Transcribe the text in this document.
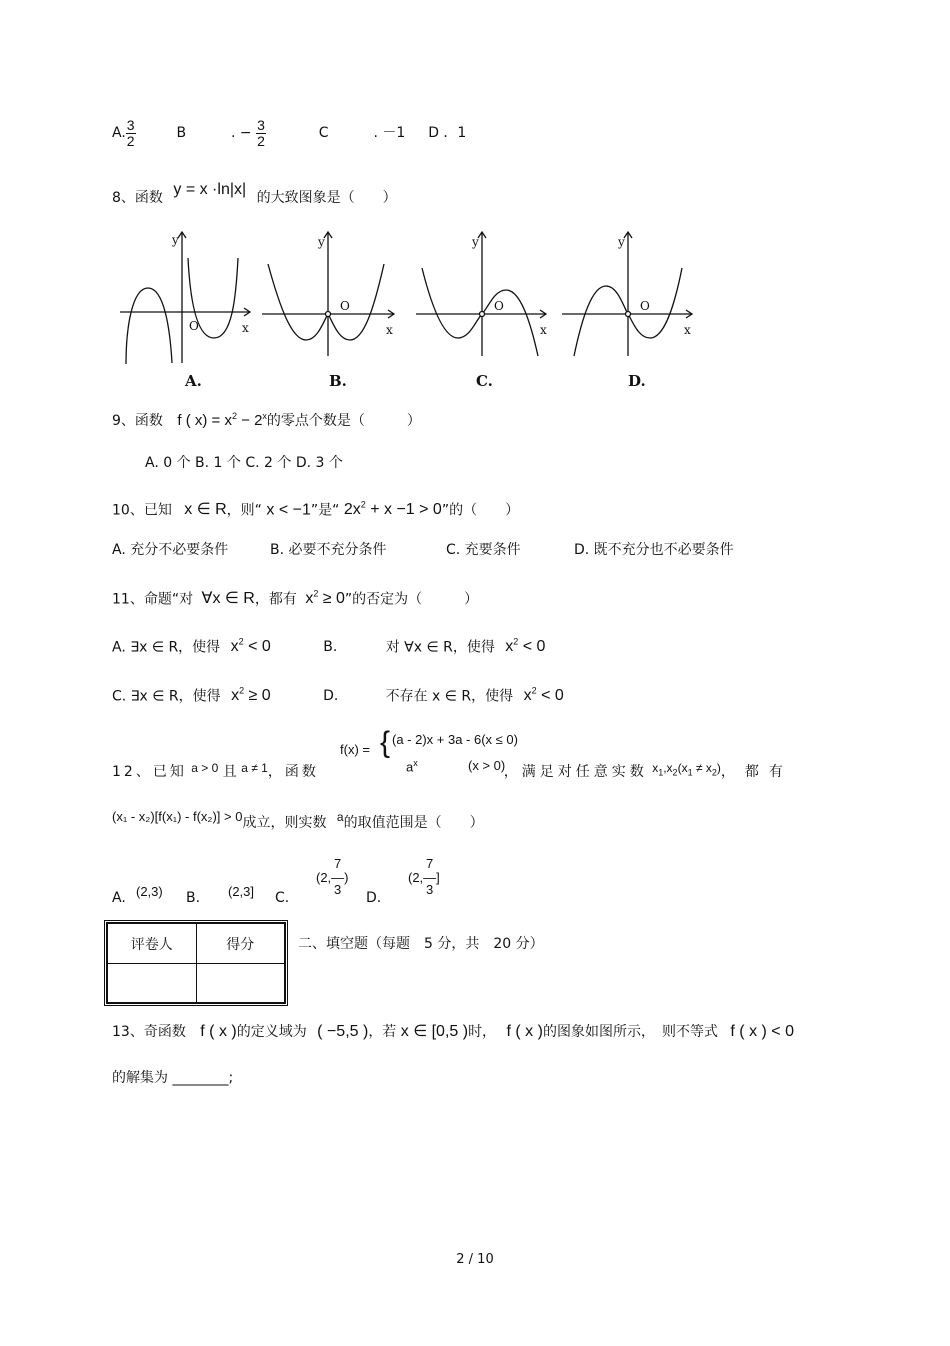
A. $\frac{3}{2}$	B	. − $\frac{3}{2}$	C	. －1 D ．1
8、函数 y = x ·ln|x| 的大致图象是（　　）
y
x
O
y
x
O
y
x
O
y
x
O
A.	B.	C.	D.
9、函数 f ( $x) = x^2 - 2^x$的零点个数是（　　　）
A. 0 个 B. 1 个 C. 2 个 D. 3 个
10、已知 x ∈ R，则“ x < −1”是“ $2x^2 + x -1 > 0$”的（　　）
A. 充分不必要条件	B. 必要不充分条件	C. 充要条件	D. 既不充分也不必要条件
11、命题“对 ∀x ∈ R，都有 $x^2 \ge 0$”的否定为（　　　）
A. ∃x ∈ R，使得 $x^2 < 0$	B.	对 ∀x ∈ R，使得 $x^2 < 0$
C. ∃x ∈ R，使得 $x^2 \ge 0$	D.	不存在 x ∈ R，使得 $x^2 < 0$
f(x) = { (a - 2)x + 3a - 6(x ≤ 0)
$a^x$	(x > 0)
12、已知 a > 0 且 a ≠ 1，函数	，满足对任意实数 $x_1,x_2(x_1 \ne x_2)$，都有
(x₁ - x₂)[f(x₁) - f(x₂)] > 0成立，则实数 a的取值范围是（　　）
A. (2,3) B. (2,3] C.
7
(2,—)
3
D.
7
(2,—]
3
评卷人	得分
		二、填空题（每题　5 分，共　20 分）
13、奇函数 f ( x )的定义域为 ( −5,5 )，若 x ∈ [0,5 )时， f ( x )的图象如图所示，　则不等式 f ( x ) < 0
的解集为 ________;
2 / 10
